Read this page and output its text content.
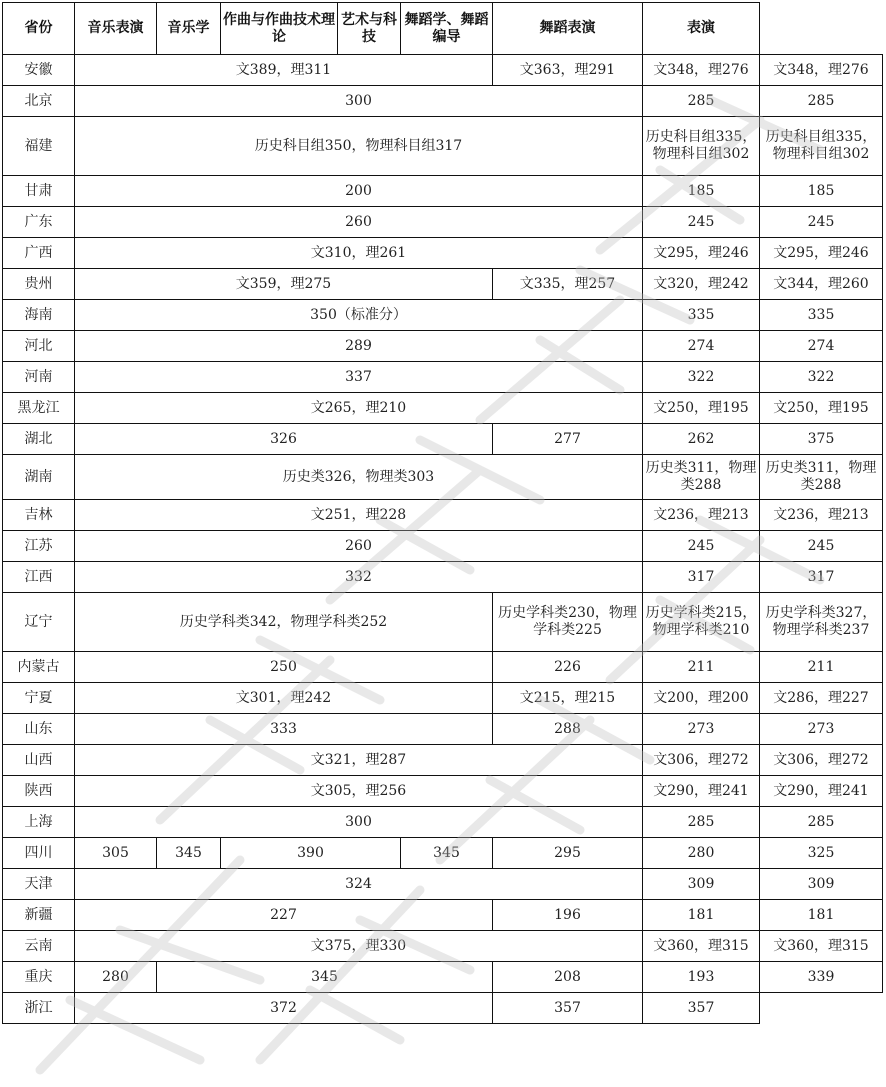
省份	音乐表演	音乐学	作曲与作曲技术理论	艺术与科技	舞蹈学、舞蹈编导	舞蹈表演	表演	
安徽	文389，理311					文363，理291	文348，理276	文348，理276
北京	300						285	285
福建	历史科目组350，物理科目组317						历史科目组335，物理科目组302	历史科目组335，物理科目组302
甘肃	200						185	185
广东	260						245	245
广西	文310，理261						文295，理246	文295，理246
贵州	文359，理275					文335，理257	文320，理242	文344，理260
海南	350（标准分）						335	335
河北	289						274	274
河南	337						322	322
黑龙江	文265，理210						文250，理195	文250，理195
湖北	326					277	262	375
湖南	历史类326，物理类303						历史类311，物理类288	历史类311，物理类288
吉林	文251，理228						文236，理213	文236，理213
江苏	260						245	245
江西	332						317	317
辽宁	历史学科类342，物理学科类252					历史学科类230，物理学科类225	历史学科类215，物理学科类210	历史学科类327，物理学科类237
内蒙古	250					226	211	211
宁夏	文301，理242					文215，理215	文200，理200	文286，理227
山东	333					288	273	273
山西	文321，理287						文306，理272	文306，理272
陕西	文305，理256						文290，理241	文290，理241
上海	300						285	285
四川	305	345	390		345	295	280	325
天津	324						309	309
新疆	227					196	181	181
云南	文375，理330						文360，理315	文360，理315
重庆	280	345				208	193	339
浙江	372					357	357	
